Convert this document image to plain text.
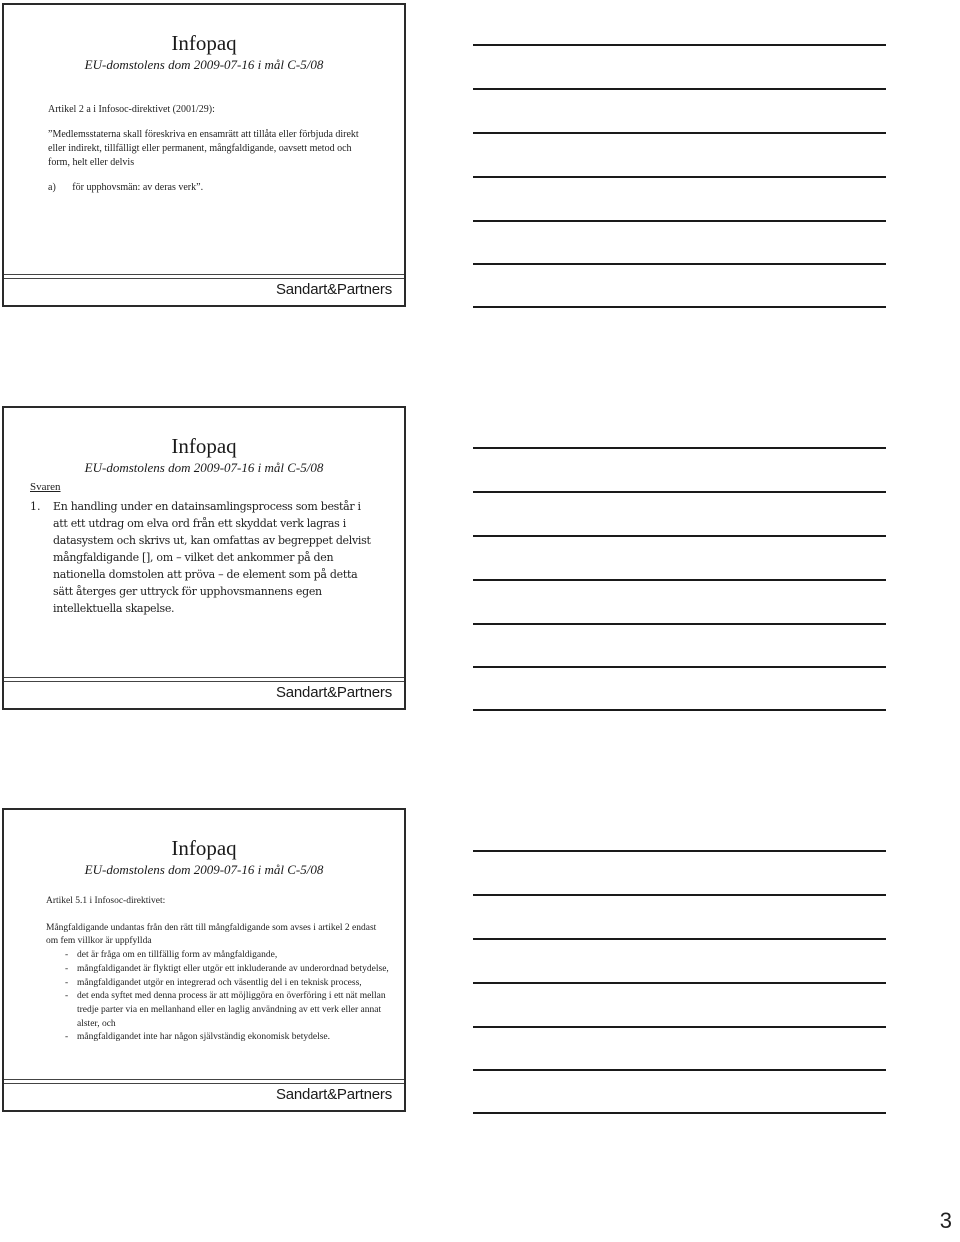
Infopaq
EU-domstolens dom 2009-07-16 i mål C-5/08

Artikel 2 a i Infosoc-direktivet (2001/29):

”Medlemsstaterna skall föreskriva en ensamrätt att tillåta eller förbjuda direkt eller indirekt, tillfälligt eller permanent, mångfaldigande, oavsett metod och form, helt eller delvis

a) för upphovsmän: av deras verk”.

Sandart&Partners
Infopaq
EU-domstolens dom 2009-07-16 i mål C-5/08
Svaren
1. En handling under en datainsamlingsprocess som består i att ett utdrag om elva ord från ett skyddat verk lagras i datasystem och skrivs ut, kan omfattas av begreppet delvist mångfaldigande [], om – vilket det ankommer på den nationella domstolen att pröva – de element som på detta sätt återges ger uttryck för upphovsmannens egen intellektuella skapelse.
Sandart&Partners
Infopaq
EU-domstolens dom 2009-07-16 i mål C-5/08

Artikel 5.1 i Infosoc-direktivet:

Mångfaldigande undantas från den rätt till mångfaldigande som avses i artikel 2 endast om fem villkor är uppfyllda

- det är fråga om en tillfällig form av mångfaldigande,
- mångfaldigandet är flyktigt eller utgör ett inkluderande av underordnad betydelse,
- mångfaldigandet utgör en integrerad och väsentlig del i en teknisk process,
- det enda syftet med denna process är att möjliggöra en överföring i ett nät mellan tredje parter via en mellanhand eller en laglig användning av ett verk eller annat alster, och
- mångfaldigandet inte har någon självständig ekonomisk betydelse.
Sandart&Partners
3
